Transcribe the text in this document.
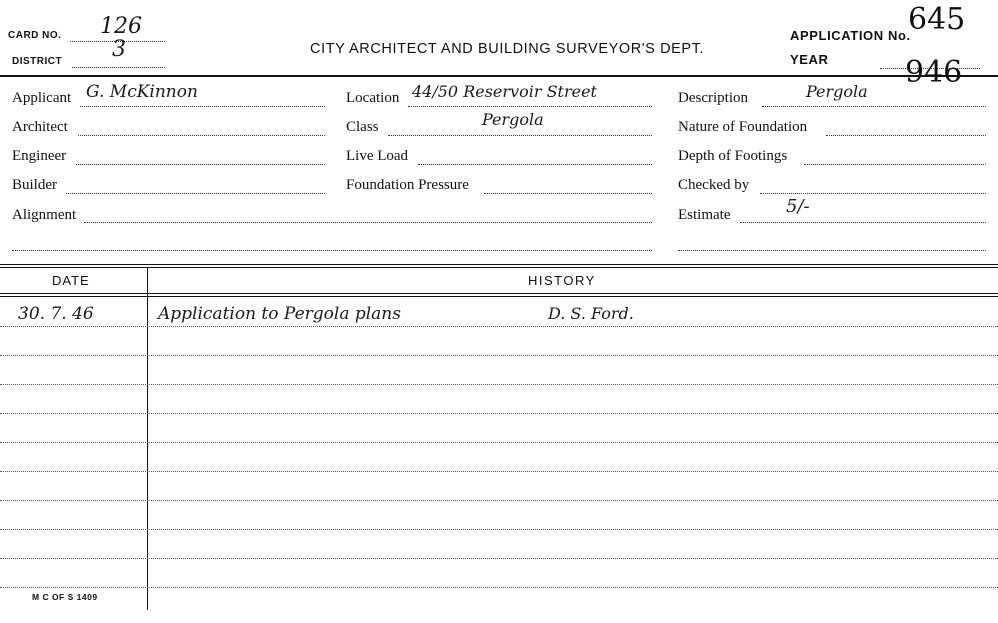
CARD NO. 126
DISTRICT 3	CITY ARCHITECT AND BUILDING SURVEYOR'S DEPT.
APPLICATION No.
645
YEAR	946
Applicant G. McKinnon
Architect
Engineer
Builder
Alignment
Location 44/50 Reservoir Street
Class	Pergola
Live Load
Foundation Pressure
Description	Pergola
Nature of Foundation
Depth of Footings
Checked by
Estimate	5/-
DATE	HISTORY
30. 7. 46	Application to Pergola plans	D. S. Ford.
M C OF S 1409
